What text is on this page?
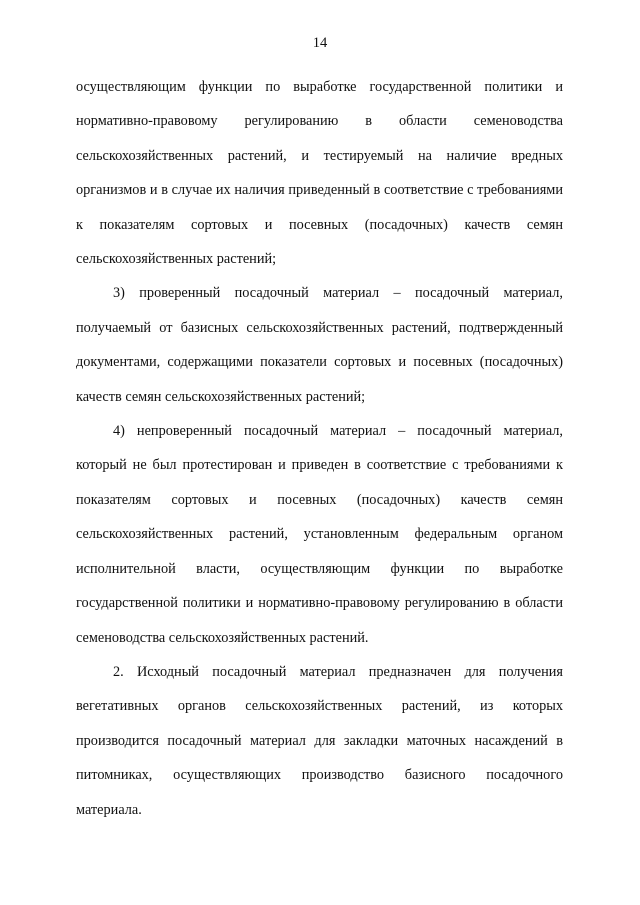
14

осуществляющим функции по выработке государственной политики и нормативно-правовому регулированию в области семеноводства сельскохозяйственных растений, и тестируемый на наличие вредных организмов и в случае их наличия приведенный в соответствие с требованиями к показателям сортовых и посевных (посадочных) качеств семян сельскохозяйственных растений;

3) проверенный посадочный материал – посадочный материал, получаемый от базисных сельскохозяйственных растений, подтвержденный документами, содержащими показатели сортовых и посевных (посадочных) качеств семян сельскохозяйственных растений;

4) непроверенный посадочный материал – посадочный материал, который не был протестирован и приведен в соответствие с требованиями к показателям сортовых и посевных (посадочных) качеств семян сельскохозяйственных растений, установленным федеральным органом исполнительной власти, осуществляющим функции по выработке государственной политики и нормативно-правовому регулированию в области семеноводства сельскохозяйственных растений.

2. Исходный посадочный материал предназначен для получения вегетативных органов сельскохозяйственных растений, из которых производится посадочный материал для закладки маточных насаждений в питомниках, осуществляющих производство базисного посадочного материала.
